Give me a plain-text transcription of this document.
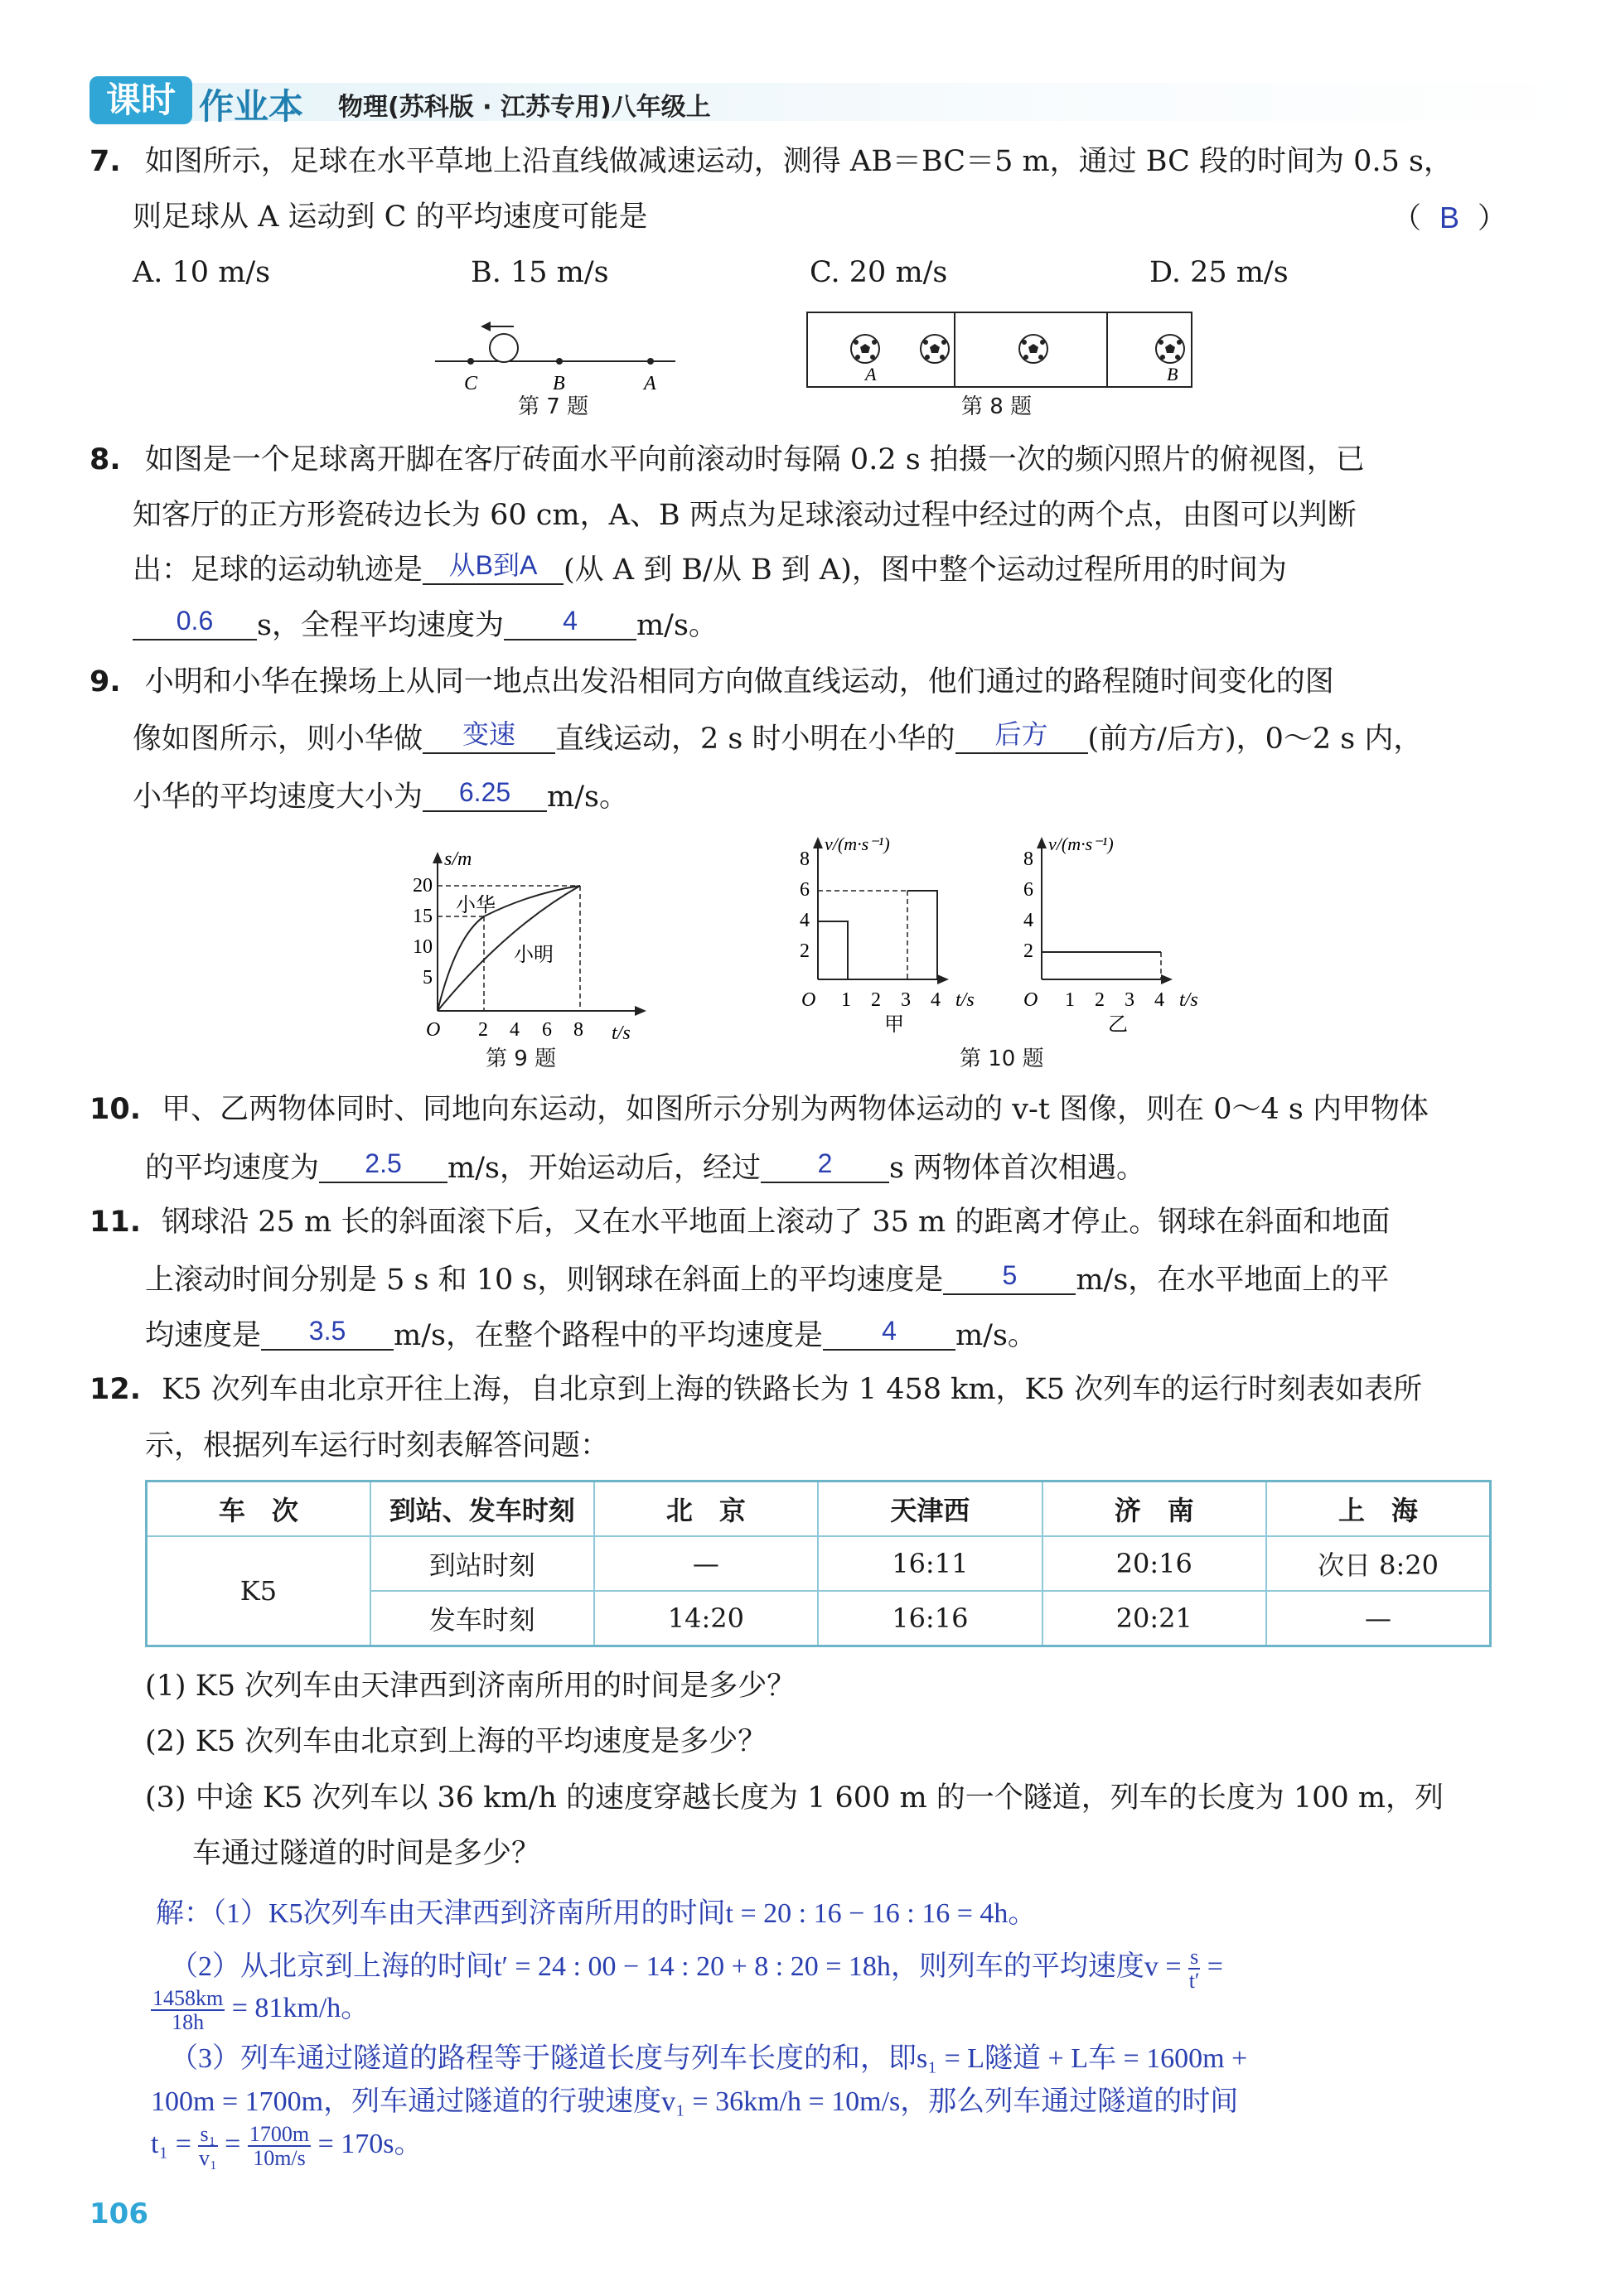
课时 作业本 物理(苏科版 · 江苏专用)八年级上
7. 如图所示，足球在水平草地上沿直线做减速运动，测得 AB＝BC＝5 m，通过 BC 段的时间为 0.5 s，
则足球从 A 运动到 C 的平均速度可能是	（ B ）
A. 10 m/s	B. 15 m/s	C. 20 m/s	D. 25 m/s
C	B	A
第 7 题
A	B
第 8 题
8. 如图是一个足球离开脚在客厅砖面水平向前滚动时每隔 0.2 s 拍摄一次的频闪照片的俯视图，已
知客厅的正方形瓷砖边长为 60 cm，A、B 两点为足球滚动过程中经过的两个点，由图可以判断
出：足球的运动轨迹是 从B到A (从 A 到 B/从 B 到 A)，图中整个运动过程所用的时间为
0.6	s，全程平均速度为	4	m/s。
9. 小明和小华在操场上从同一地点出发沿相同方向做直线运动，他们通过的路程随时间变化的图
像如图所示，则小华做	变速	直线运动，2 s 时小明在小华的	后方	(前方/后方)，0～2 s 内，
小华的平均速度大小为	6.25	m/s。
s/m
t/s
O
20
15
10
5
2 4 6 8
小华
小明
第 9 题
v/(m·s⁻¹)
t/s
O
8
6
4
2
1 2 3 4
甲
v/(m·s⁻¹)
t/s
O
8
6
4
2
1 2 3 4
乙
第 10 题
10. 甲、乙两物体同时、同地向东运动，如图所示分别为两物体运动的 v-t 图像，则在 0～4 s 内甲物体
的平均速度为	2.5	m/s，开始运动后，经过	2	s 两物体首次相遇。
11. 钢球沿 25 m 长的斜面滚下后，又在水平地面上滚动了 35 m 的距离才停止。钢球在斜面和地面
上滚动时间分别是 5 s 和 10 s，则钢球在斜面上的平均速度是	5	m/s，在水平地面上的平
均速度是	3.5	m/s，在整个路程中的平均速度是	4	m/s。
12. K5 次列车由北京开往上海，自北京到上海的铁路长为 1 458 km，K5 次列车的运行时刻表如表所
示，根据列车运行时刻表解答问题：
车　次	到站、发车时刻	北　京	天津西	济　南	上　海
K5	到站时刻	—	16:11	20:16	次日 8:20
	发车时刻	14:20	16:16	20:21	—
(1) K5 次列车由天津西到济南所用的时间是多少？
(2) K5 次列车由北京到上海的平均速度是多少？
(3) 中途 K5 次列车以 36 km/h 的速度穿越长度为 1 600 m 的一个隧道，列车的长度为 100 m，列
车通过隧道的时间是多少？
解：（1）K5次列车由天津西到济南所用的时间t = 20 : 16 − 16 : 16 = 4h。
（2）从北京到上海的时间t′ = 24 : 00 − 14 : 20 + 8 : 20 = 18h，则列车的平均速度$v = \frac{s}{t'}$ =
$\frac{1458km}{18h} = 81km/h$。
（3）列车通过隧道的路程等于隧道长度与列车长度的和，即s₁ = L隧道 + L车 = 1600m +
100m = 1700m，列车通过隧道的行驶速度v₁ = 36km/h = 10m/s，那么列车通过隧道的时间
$t_1 = \frac{\text{s₁}}{\text{v₁}} = \frac{1700m}{10m/s} = 170s$。
106
